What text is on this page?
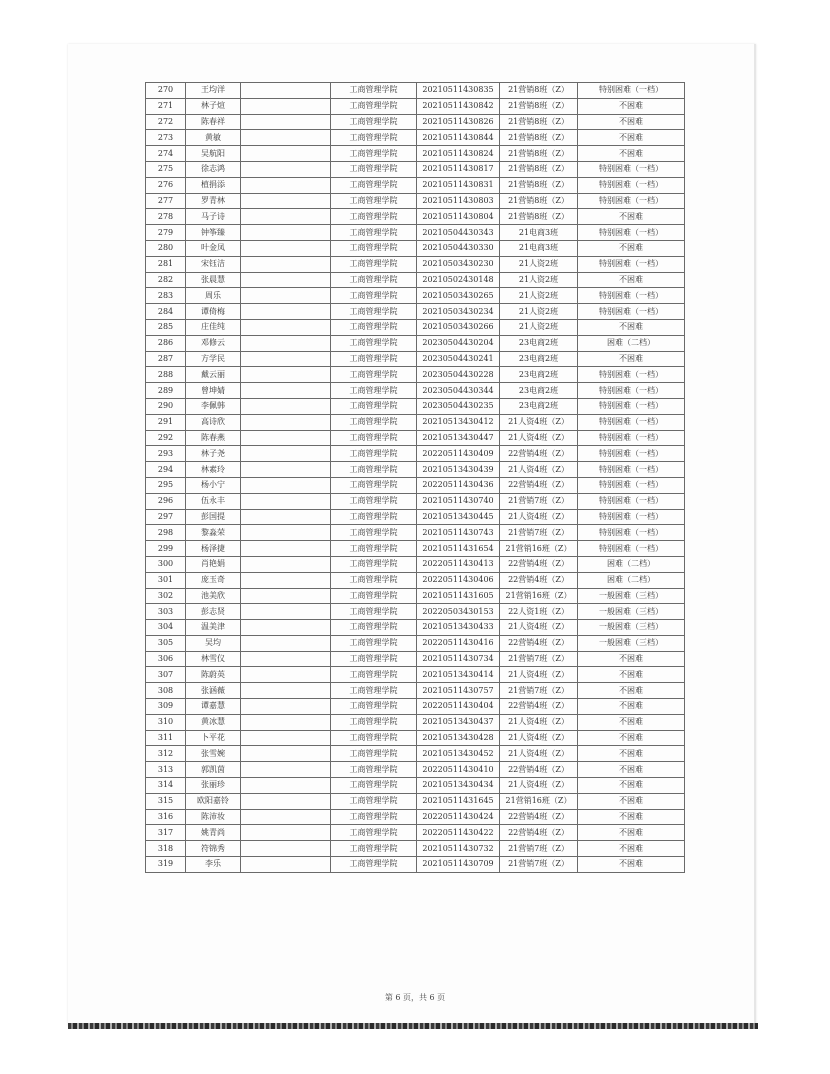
270	王均洋		工商管理学院	20210511430835	21营销8班（Z）	特别困难（一档）
271	林子煊		工商管理学院	20210511430842	21营销8班（Z）	不困难
272	陈春祥		工商管理学院	20210511430826	21营销8班（Z）	不困难
273	黄敏		工商管理学院	20210511430844	21营销8班（Z）	不困难
274	吴航阳		工商管理学院	20210511430824	21营销8班（Z）	不困难
275	徐志鸿		工商管理学院	20210511430817	21营销8班（Z）	特别困难（一档）
276	植捐添		工商管理学院	20210511430831	21营销8班（Z）	特别困难（一档）
277	罗青林		工商管理学院	20210511430803	21营销8班（Z）	特别困难（一档）
278	马子诗		工商管理学院	20210511430804	21营销8班（Z）	不困难
279	钟筝臻		工商管理学院	20210504430343	21电商3班	特别困难（一档）
280	叶金凤		工商管理学院	20210504430330	21电商3班	不困难
281	宋钰洁		工商管理学院	20210503430230	21人资2班	特别困难（一档）
282	张晨慧		工商管理学院	20210502430148	21人资2班	不困难
283	周乐		工商管理学院	20210503430265	21人资2班	特别困难（一档）
284	谭倚梅		工商管理学院	20210503430234	21人资2班	特别困难（一档）
285	庄佳纯		工商管理学院	20210503430266	21人资2班	不困难
286	邓修云		工商管理学院	20230504430204	23电商2班	困难（二档）
287	方学民		工商管理学院	20230504430241	23电商2班	不困难
288	戴云丽		工商管理学院	20230504430228	23电商2班	特别困难（一档）
289	曾坤婧		工商管理学院	20230504430344	23电商2班	特别困难（一档）
290	李佩韩		工商管理学院	20230504430235	23电商2班	特别困难（一档）
291	高诗欣		工商管理学院	20210513430412	21人资4班（Z）	特别困难（一档）
292	陈春燕		工商管理学院	20210513430447	21人资4班（Z）	特别困难（一档）
293	林子尧		工商管理学院	20220511430409	22营销4班（Z）	特别困难（一档）
294	林素玲		工商管理学院	20210513430439	21人资4班（Z）	特别困难（一档）
295	杨小宁		工商管理学院	20220511430436	22营销4班（Z）	特别困难（一档）
296	伍永丰		工商管理学院	20210511430740	21营销7班（Z）	特别困难（一档）
297	彭国提		工商管理学院	20210513430445	21人资4班（Z）	特别困难（一档）
298	黎淼荣		工商管理学院	20210511430743	21营销7班（Z）	特别困难（一档）
299	杨泽捷		工商管理学院	20210511431654	21营销16班（Z）	特别困难（一档）
300	肖艳娟		工商管理学院	20220511430413	22营销4班（Z）	困难（二档）
301	庞玉奇		工商管理学院	20220511430406	22营销4班（Z）	困难（二档）
302	池美欣		工商管理学院	20210511431605	21营销16班（Z）	一般困难（三档）
303	彭志贤		工商管理学院	20220503430153	22人资1班（Z）	一般困难（三档）
304	温美津		工商管理学院	20210513430433	21人资4班（Z）	一般困难（三档）
305	吴均		工商管理学院	20220511430416	22营销4班（Z）	一般困难（三档）
306	林雪仪		工商管理学院	20210511430734	21营销7班（Z）	不困难
307	陈蔚英		工商管理学院	20210513430414	21人资4班（Z）	不困难
308	张涵薇		工商管理学院	20210511430757	21营销7班（Z）	不困难
309	谭嘉慧		工商管理学院	20220511430404	22营销4班（Z）	不困难
310	黄冰慧		工商管理学院	20210513430437	21人资4班（Z）	不困难
311	卜平花		工商管理学院	20210513430428	21人资4班（Z）	不困难
312	张雪婉		工商管理学院	20210513430452	21人资4班（Z）	不困难
313	郭凯茵		工商管理学院	20220511430410	22营销4班（Z）	不困难
314	张丽珍		工商管理学院	20210513430434	21人资4班（Z）	不困难
315	欧阳嘉铃		工商管理学院	20210511431645	21营销16班（Z）	不困难
316	陈沛妆		工商管理学院	20220511430424	22营销4班（Z）	不困难
317	姚青尚		工商管理学院	20220511430422	22营销4班（Z）	不困难
318	符锦秀		工商管理学院	20210511430732	21营销7班（Z）	不困难
319	李乐		工商管理学院	20210511430709	21营销7班（Z）	不困难
第 6 页，共 6 页
